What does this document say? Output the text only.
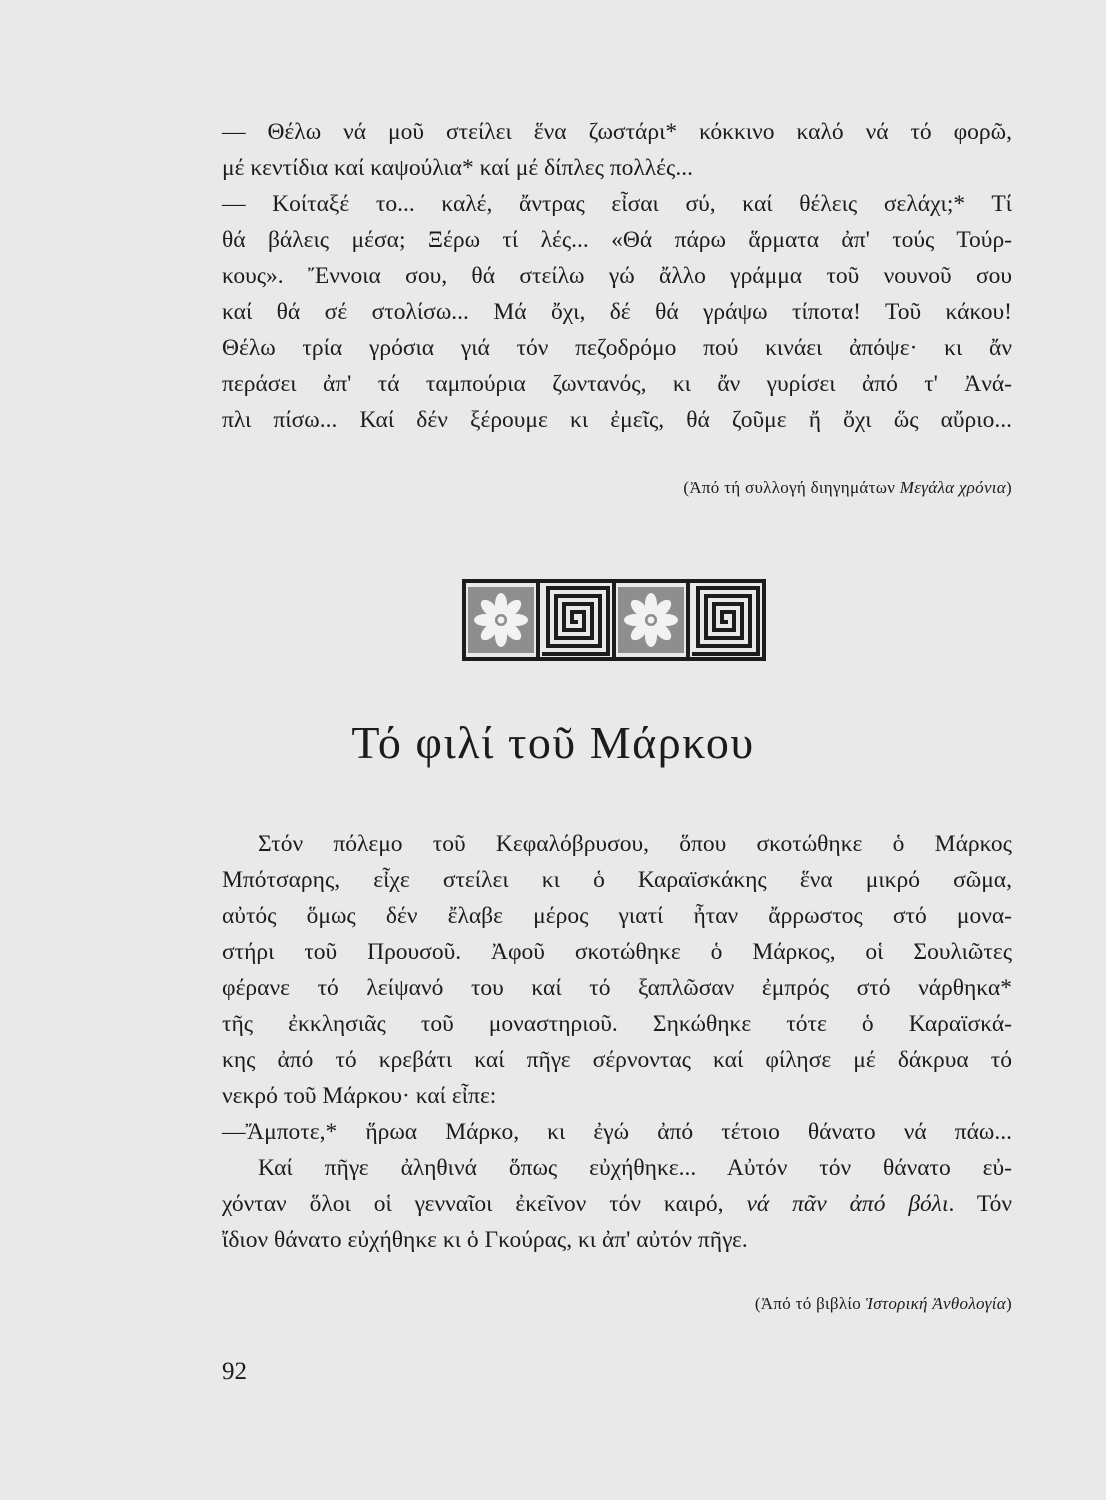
— Θέλω νά μοῦ στείλει ἕνα ζωστάρι* κόκκινο καλό νά τό φορῶ,
μέ κεντίδια καί καψούλια* καί μέ δίπλες πολλές...
— Κοίταξέ το... καλέ, ἄντρας εἶσαι σύ, καί θέλεις σελάχι;* Τί
θά βάλεις μέσα; Ξέρω τί λές... «Θά πάρω ἅρματα ἀπ' τούς Τούρ-
κους». Ἔννοια σου, θά στείλω γώ ἄλλο γράμμα τοῦ νουνοῦ σου
καί θά σέ στολίσω... Μά ὄχι, δέ θά γράψω τίποτα! Τοῦ κάκου!
Θέλω τρία γρόσια γιά τόν πεζοδρόμο πού κινάει ἀπόψε· κι ἄν
περάσει ἀπ' τά ταμπούρια ζωντανός, κι ἄν γυρίσει ἀπό τ' Ἀνά-
πλι πίσω... Καί δέν ξέρουμε κι ἐμεῖς, θά ζοῦμε ἤ ὄχι ὥς αὔριο...
(Ἀπό τή συλλογή διηγημάτων Μεγάλα χρόνια)
Τό φιλί τοῦ Μάρκου
Στόν πόλεμο τοῦ Κεφαλόβρυσου, ὅπου σκοτώθηκε ὁ Μάρκος
Μπότσαρης, εἶχε στείλει κι ὁ Καραϊσκάκης ἕνα μικρό σῶμα,
αὐτός ὅμως δέν ἔλαβε μέρος γιατί ἦταν ἄρρωστος στό μονα-
στήρι τοῦ Προυσοῦ. Ἀφοῦ σκοτώθηκε ὁ Μάρκος, οἱ Σουλιῶτες
φέρανε τό λείψανό του καί τό ξαπλῶσαν ἐμπρός στό νάρθηκα*
τῆς ἐκκλησιᾶς τοῦ μοναστηριοῦ. Σηκώθηκε τότε ὁ Καραϊσκά-
κης ἀπό τό κρεβάτι καί πῆγε σέρνοντας καί φίλησε μέ δάκρυα τό
νεκρό τοῦ Μάρκου· καί εἶπε:
—Ἄμποτε,* ἥρωα Μάρκο, κι ἐγώ ἀπό τέτοιο θάνατο νά πάω...
Καί πῆγε ἀληθινά ὅπως εὐχήθηκε... Αὐτόν τόν θάνατο εὐ-
χόνταν ὅλοι οἱ γενναῖοι ἐκεῖνον τόν καιρό, νά πᾶν ἀπό βόλι. Τόν
ἴδιον θάνατο εὐχήθηκε κι ὁ Γκούρας, κι ἀπ' αὐτόν πῆγε.
(Ἀπό τό βιβλίο Ἱστορική Ἀνθολογία)
92
